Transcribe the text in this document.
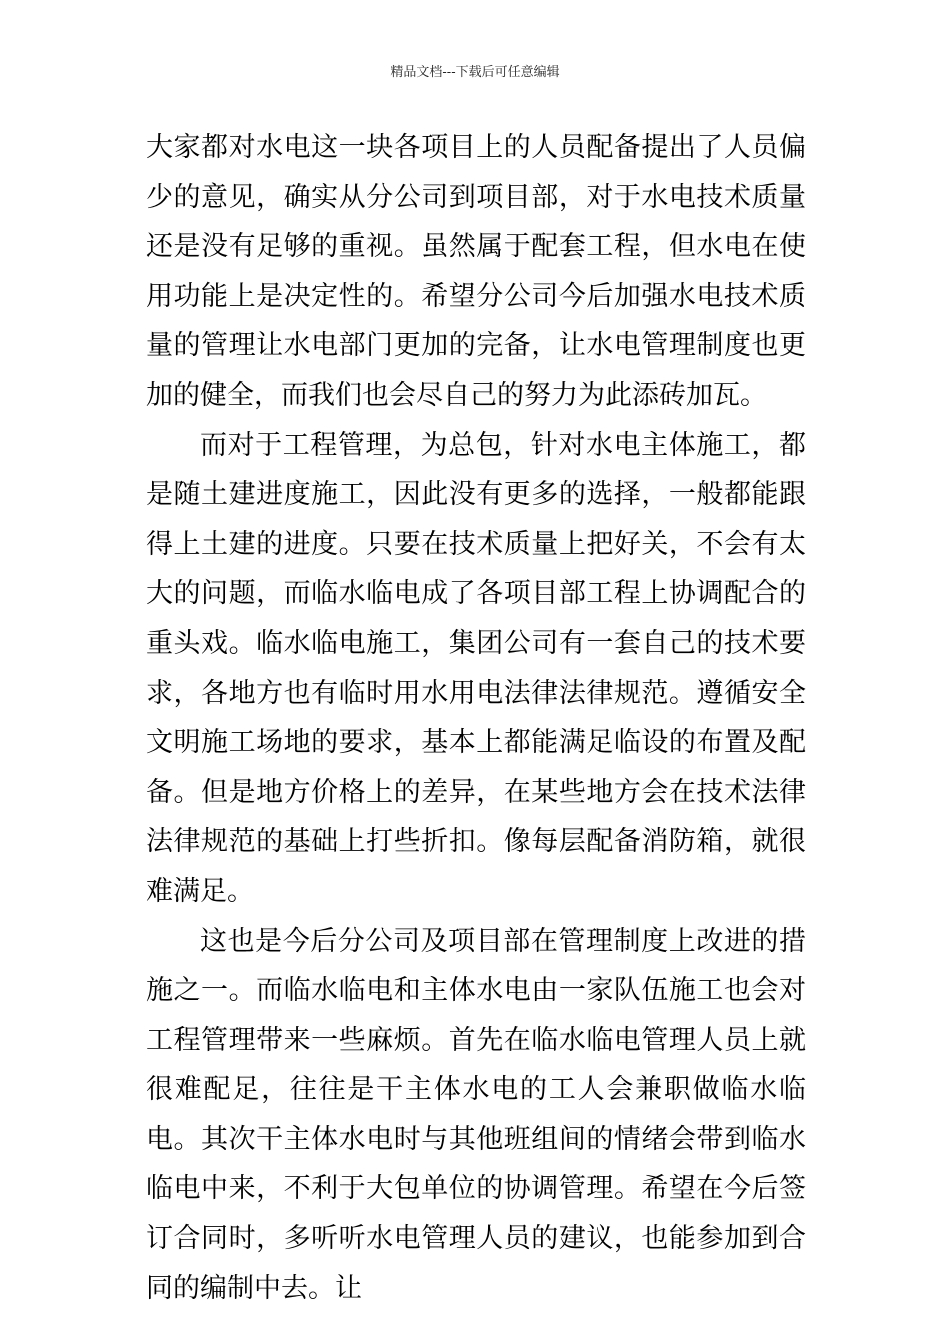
精品文档---下载后可任意编辑

大家都对水电这一块各项目上的人员配备提出了人员偏少的意见，确实从分公司到项目部，对于水电技术质量还是没有足够的重视。虽然属于配套工程，但水电在使用功能上是决定性的。希望分公司今后加强水电技术质量的管理让水电部门更加的完备，让水电管理制度也更加的健全，而我们也会尽自己的努力为此添砖加瓦。

而对于工程管理，为总包，针对水电主体施工，都是随土建进度施工，因此没有更多的选择，一般都能跟得上土建的进度。只要在技术质量上把好关，不会有太大的问题，而临水临电成了各项目部工程上协调配合的重头戏。临水临电施工，集团公司有一套自己的技术要求，各地方也有临时用水用电法律法律规范。遵循安全文明施工场地的要求，基本上都能满足临设的布置及配备。但是地方价格上的差异，在某些地方会在技术法律法律规范的基础上打些折扣。像每层配备消防箱，就很难满足。

这也是今后分公司及项目部在管理制度上改进的措施之一。而临水临电和主体水电由一家队伍施工也会对工程管理带来一些麻烦。首先在临水临电管理人员上就很难配足，往往是干主体水电的工人会兼职做临水临电。其次干主体水电时与其他班组间的情绪会带到临水临电中来，不利于大包单位的协调管理。希望在今后签订合同时，多听听水电管理人员的建议，也能参加到合同的编制中去。让
